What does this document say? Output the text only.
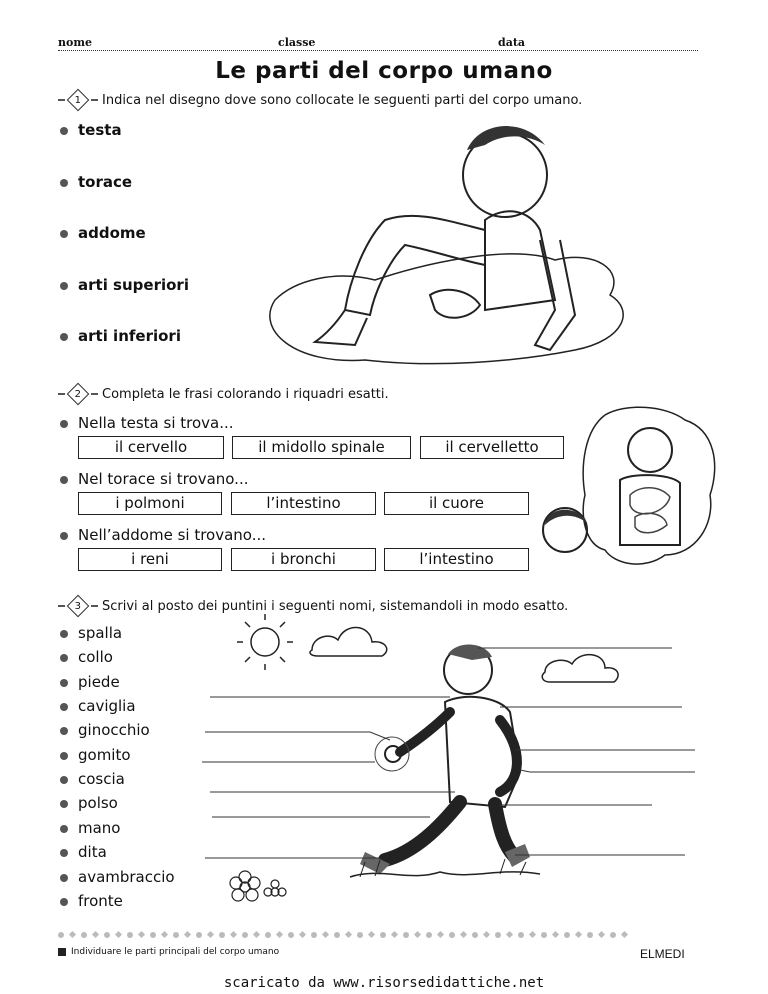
nome	classe	data
Le parti del corpo umano
1 Indica nel disegno dove sono collocate le seguenti parti del corpo umano.
testa
torace
addome
arti superiori
arti inferiori
2 Completa le frasi colorando i riquadri esatti.
Nella testa si trova...
il cervello	il midollo spinale	il cervelletto
Nel torace si trovano...
i polmoni	l’intestino	il cuore
Nell’addome si trovano...
i reni	i bronchi	l’intestino
3 Scrivi al posto dei puntini i seguenti nomi, sistemandoli in modo esatto.
spalla
collo
piede
caviglia
ginocchio
gomito
coscia
polso
mano
dita
avambraccio
fronte
Individuare le parti principali del corpo umano	ELMEDI
scaricato da www.risorsedidattiche.net
